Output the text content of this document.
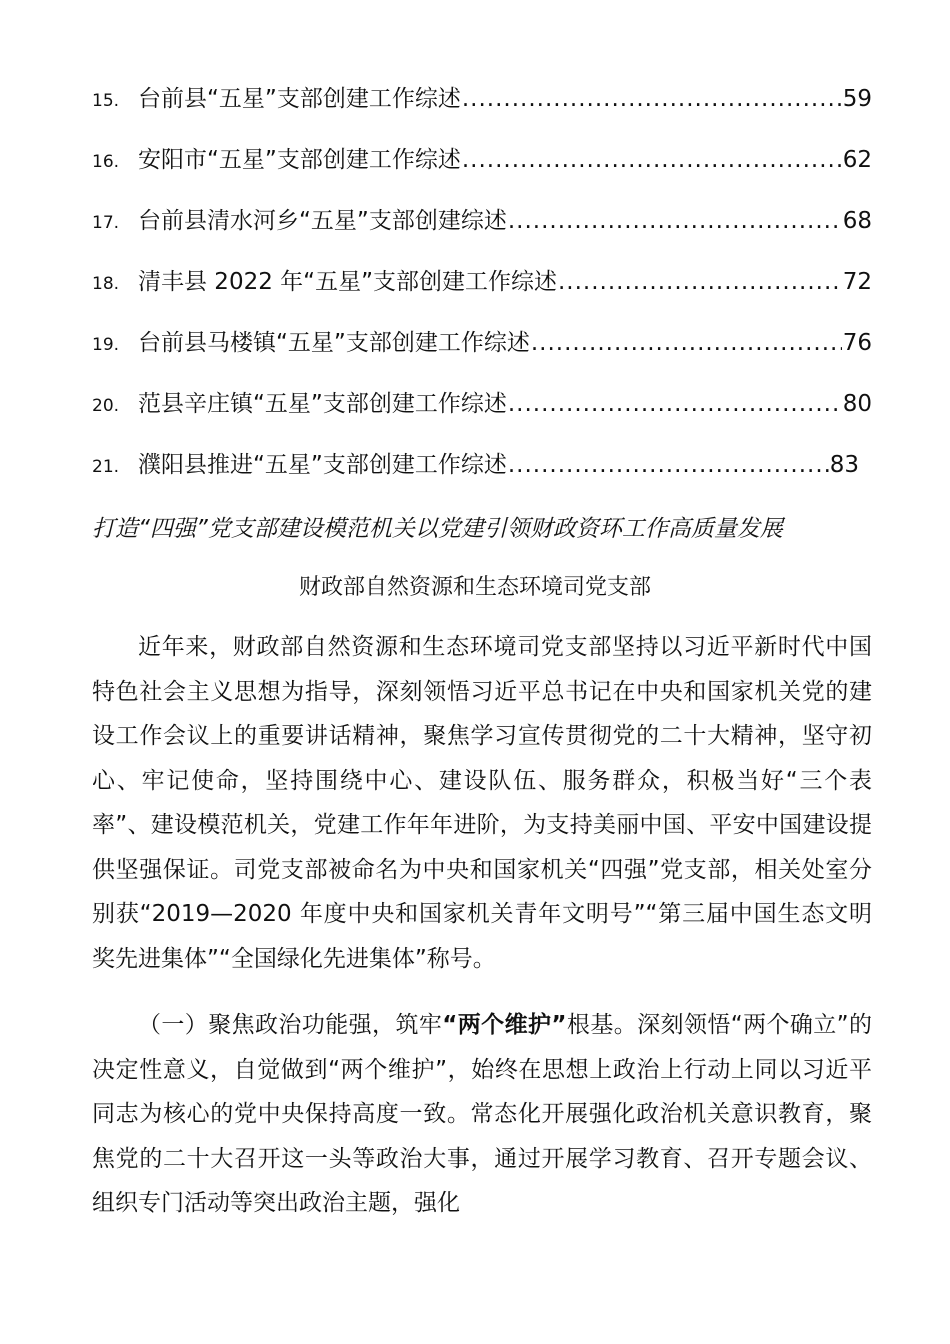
15. 台前县“五星”支部创建工作综述 .....	59
16. 安阳市“五星”支部创建工作综述 .....	62
17. 台前县清水河乡“五星”支部创建综述 .....	68
18. 清丰县 2022 年“五星”支部创建工作综述 .....	72
19. 台前县马楼镇“五星”支部创建工作综述 .....	76
20. 范县辛庄镇“五星”支部创建工作综述 .....	80
21. 濮阳县推进“五星”支部创建工作综述 .....	83
打造“四强”党支部建设模范机关以党建引领财政资环工作高质量发展
财政部自然资源和生态环境司党支部

近年来，财政部自然资源和生态环境司党支部坚持以习近平新时代中国特色社会主义思想为指导，深刻领悟习近平总书记在中央和国家机关党的建设工作会议上的重要讲话精神，聚焦学习宣传贯彻党的二十大精神，坚守初心、牢记使命，坚持围绕中心、建设队伍、服务群众，积极当好“三个表率”、建设模范机关，党建工作年年进阶，为支持美丽中国、平安中国建设提供坚强保证。司党支部被命名为中央和国家机关“四强”党支部，相关处室分别获“2019—2020 年度中央和国家机关青年文明号”“第三届中国生态文明奖先进集体”“全国绿化先进集体”称号。

（一）聚焦政治功能强，筑牢“两个维护”根基。深刻领悟“两个确立”的决定性意义，自觉做到“两个维护”，始终在思想上政治上行动上同以习近平同志为核心的党中央保持高度一致。常态化开展强化政治机关意识教育，聚焦党的二十大召开这一头等政治大事，通过开展学习教育、召开专题会议、组织专门活动等突出政治主题，强化
